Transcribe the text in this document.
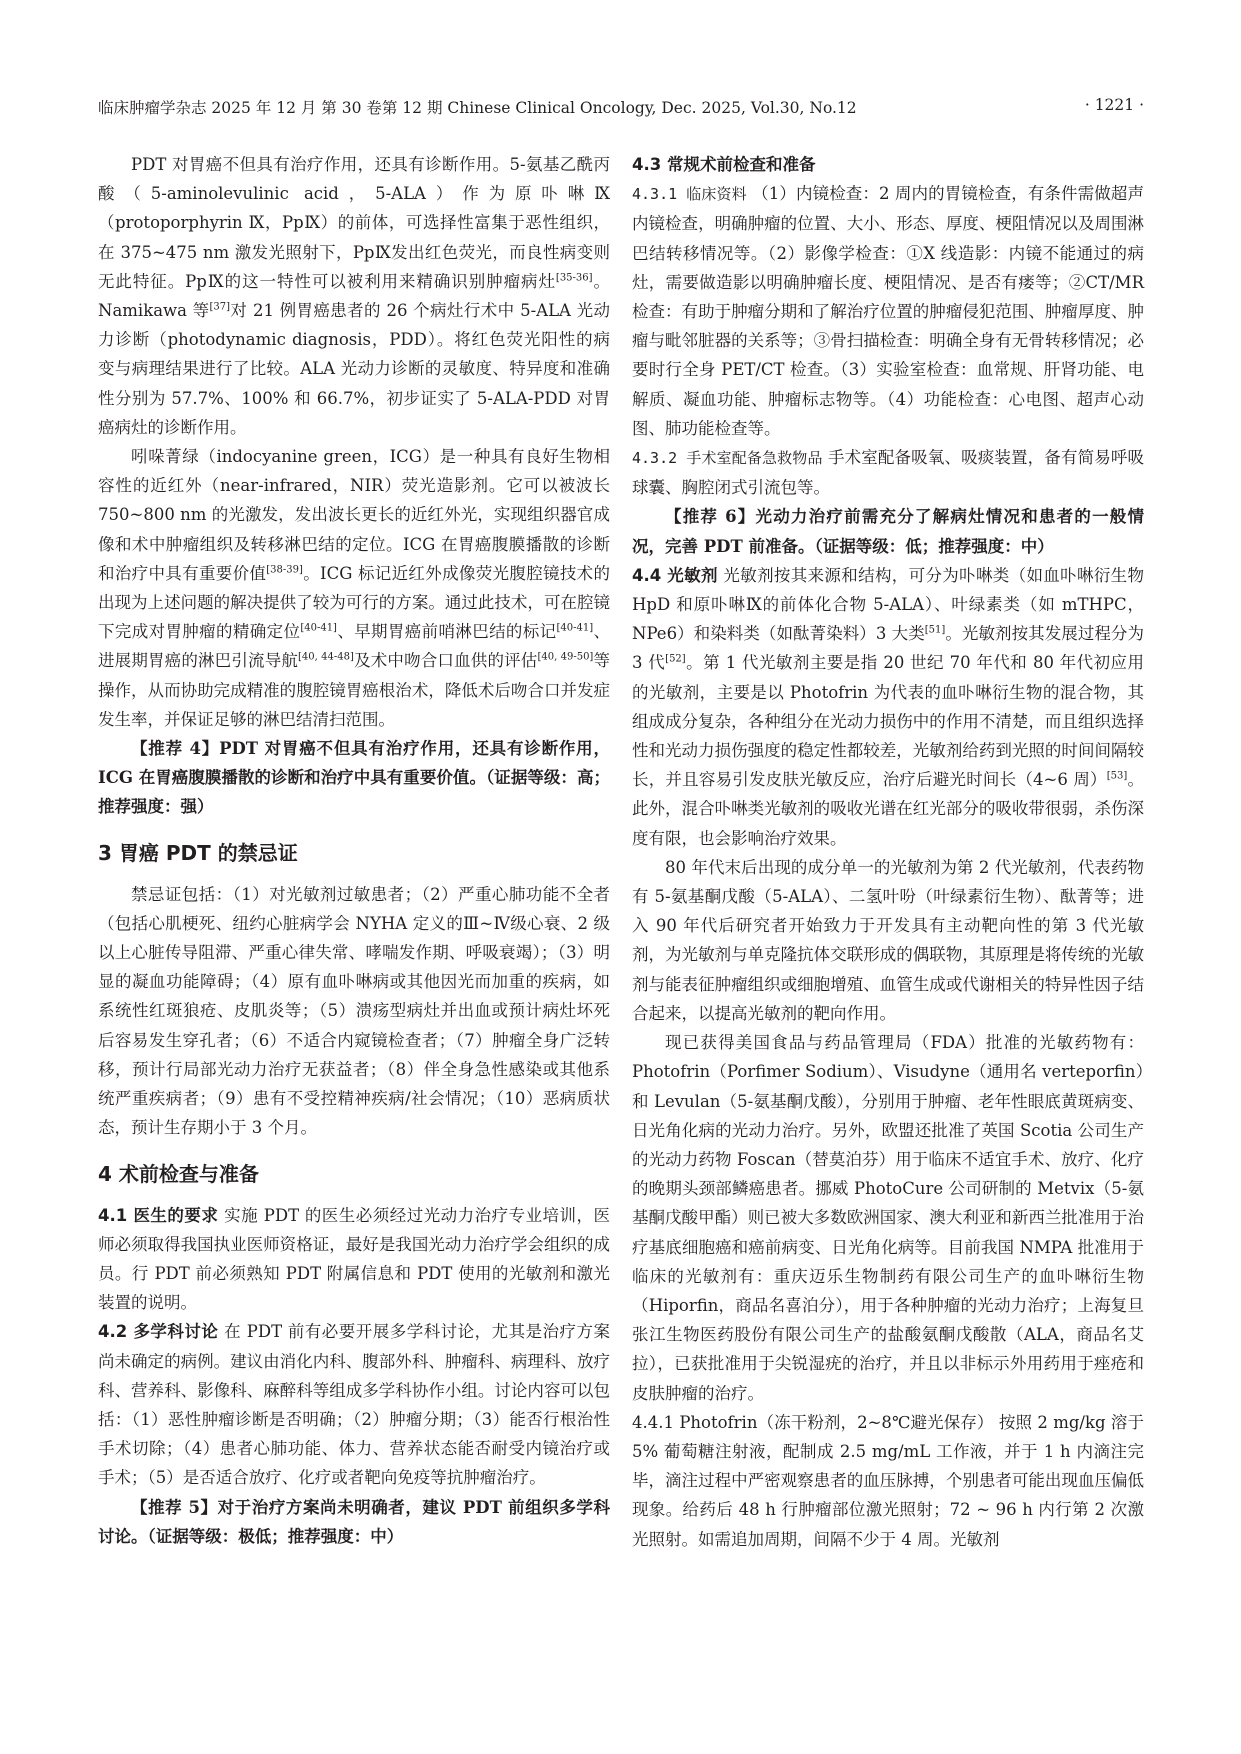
临床肿瘤学杂志 2025 年 12 月 第 30 卷第 12 期 Chinese Clinical Oncology, Dec. 2025, Vol.30, No.12	· 1221 ·

PDT 对胃癌不但具有治疗作用，还具有诊断作用。5-氨基乙酰丙酸（5-aminolevulinic acid，5-ALA）作为原卟啉Ⅸ（protoporphyrin Ⅸ，PpⅨ）的前体，可选择性富集于恶性组织，在 375~475 nm 激发光照射下，PpⅨ发出红色荧光，而良性病变则无此特征。PpⅨ的这一特性可以被利用来精确识别肿瘤病灶[35-36]。Namikawa 等[37]对 21 例胃癌患者的 26 个病灶行术中 5-ALA 光动力诊断（photodynamic diagnosis，PDD）。将红色荧光阳性的病变与病理结果进行了比较。ALA 光动力诊断的灵敏度、特异度和准确性分别为 57.7%、100% 和 66.7%，初步证实了 5-ALA-PDD 对胃癌病灶的诊断作用。

吲哚菁绿（indocyanine green，ICG）是一种具有良好生物相容性的近红外（near-infrared，NIR）荧光造影剂。它可以被波长 750~800 nm 的光激发，发出波长更长的近红外光，实现组织器官成像和术中肿瘤组织及转移淋巴结的定位。ICG 在胃癌腹膜播散的诊断和治疗中具有重要价值[38-39]。ICG 标记近红外成像荧光腹腔镜技术的出现为上述问题的解决提供了较为可行的方案。通过此技术，可在腔镜下完成对胃肿瘤的精确定位[40-41]、早期胃癌前哨淋巴结的标记[40-41]、进展期胃癌的淋巴引流导航[40, 44-48]及术中吻合口血供的评估[40, 49-50]等操作，从而协助完成精准的腹腔镜胃癌根治术，降低术后吻合口并发症发生率，并保证足够的淋巴结清扫范围。

【推荐 4】PDT 对胃癌不但具有治疗作用，还具有诊断作用，ICG 在胃癌腹膜播散的诊断和治疗中具有重要价值。（证据等级：高；推荐强度：强）

3 胃癌 PDT 的禁忌证

禁忌证包括：（1）对光敏剂过敏患者；（2）严重心肺功能不全者（包括心肌梗死、纽约心脏病学会 NYHA 定义的Ⅲ~Ⅳ级心衰、2 级以上心脏传导阻滞、严重心律失常、哮喘发作期、呼吸衰竭）；（3）明显的凝血功能障碍；（4）原有血卟啉病或其他因光而加重的疾病，如系统性红斑狼疮、皮肌炎等；（5）溃疡型病灶并出血或预计病灶坏死后容易发生穿孔者；（6）不适合内窥镜检查者；（7）肿瘤全身广泛转移，预计行局部光动力治疗无获益者；（8）伴全身急性感染或其他系统严重疾病者；（9）患有不受控精神疾病/社会情况；（10）恶病质状态，预计生存期小于 3 个月。

4 术前检查与准备

4.1 医生的要求 实施 PDT 的医生必须经过光动力治疗专业培训，医师必须取得我国执业医师资格证，最好是我国光动力治疗学会组织的成员。行 PDT 前必须熟知 PDT 附属信息和 PDT 使用的光敏剂和激光装置的说明。

4.2 多学科讨论 在 PDT 前有必要开展多学科讨论，尤其是治疗方案尚未确定的病例。建议由消化内科、腹部外科、肿瘤科、病理科、放疗科、营养科、影像科、麻醉科等组成多学科协作小组。讨论内容可以包括：（1）恶性肿瘤诊断是否明确；（2）肿瘤分期；（3）能否行根治性手术切除；（4）患者心肺功能、体力、营养状态能否耐受内镜治疗或手术；（5）是否适合放疗、化疗或者靶向免疫等抗肿瘤治疗。

【推荐 5】对于治疗方案尚未明确者，建议 PDT 前组织多学科讨论。（证据等级：极低；推荐强度：中）

4.3 常规术前检查和准备

4.3.1 临床资料 （1）内镜检查：2 周内的胃镜检查，有条件需做超声内镜检查，明确肿瘤的位置、大小、形态、厚度、梗阻情况以及周围淋巴结转移情况等。（2）影像学检查：①X 线造影：内镜不能通过的病灶，需要做造影以明确肿瘤长度、梗阻情况、是否有瘘等；②CT/MR 检查：有助于肿瘤分期和了解治疗位置的肿瘤侵犯范围、肿瘤厚度、肿瘤与毗邻脏器的关系等；③骨扫描检查：明确全身有无骨转移情况；必要时行全身 PET/CT 检查。（3）实验室检查：血常规、肝肾功能、电解质、凝血功能、肿瘤标志物等。（4）功能检查：心电图、超声心动图、肺功能检查等。

4.3.2 手术室配备急救物品 手术室配备吸氧、吸痰装置，备有简易呼吸球囊、胸腔闭式引流包等。

【推荐 6】光动力治疗前需充分了解病灶情况和患者的一般情况，完善 PDT 前准备。（证据等级：低；推荐强度：中）

4.4 光敏剂 光敏剂按其来源和结构，可分为卟啉类（如血卟啉衍生物 HpD 和原卟啉Ⅸ的前体化合物 5-ALA）、叶绿素类（如 mTHPC，NPe6）和染料类（如酞菁染料）3 大类[51]。光敏剂按其发展过程分为 3 代[52]。第 1 代光敏剂主要是指 20 世纪 70 年代和 80 年代初应用的光敏剂，主要是以 Photofrin 为代表的血卟啉衍生物的混合物，其组成成分复杂，各种组分在光动力损伤中的作用不清楚，而且组织选择性和光动力损伤强度的稳定性都较差，光敏剂给药到光照的时间间隔较长，并且容易引发皮肤光敏反应，治疗后避光时间长（4~6 周）[53]。此外，混合卟啉类光敏剂的吸收光谱在红光部分的吸收带很弱，杀伤深度有限，也会影响治疗效果。

80 年代末后出现的成分单一的光敏剂为第 2 代光敏剂，代表药物有 5-氨基酮戊酸（5-ALA）、二氢叶吩（叶绿素衍生物）、酞菁等；进入 90 年代后研究者开始致力于开发具有主动靶向性的第 3 代光敏剂，为光敏剂与单克隆抗体交联形成的偶联物，其原理是将传统的光敏剂与能表征肿瘤组织或细胞增殖、血管生成或代谢相关的特异性因子结合起来，以提高光敏剂的靶向作用。

现已获得美国食品与药品管理局（FDA）批准的光敏药物有：Photofrin（Porfimer Sodium）、Visudyne（通用名 verteporfin）和 Levulan（5-氨基酮戊酸），分别用于肿瘤、老年性眼底黄斑病变、日光角化病的光动力治疗。另外，欧盟还批准了英国 Scotia 公司生产的光动力药物 Foscan（替莫泊芬）用于临床不适宜手术、放疗、化疗的晚期头颈部鳞癌患者。挪威 PhotoCure 公司研制的 Metvix（5-氨基酮戊酸甲酯）则已被大多数欧洲国家、澳大利亚和新西兰批准用于治疗基底细胞癌和癌前病变、日光角化病等。目前我国 NMPA 批准用于临床的光敏剂有：重庆迈乐生物制药有限公司生产的血卟啉衍生物（Hiporfin，商品名喜泊分），用于各种肿瘤的光动力治疗；上海复旦张江生物医药股份有限公司生产的盐酸氨酮戊酸散（ALA，商品名艾拉），已获批准用于尖锐湿疣的治疗，并且以非标示外用药用于痤疮和皮肤肿瘤的治疗。

4.4.1 Photofrin（冻干粉剂，2~8℃避光保存） 按照 2 mg/kg 溶于 5% 葡萄糖注射液，配制成 2.5 mg/mL 工作液，并于 1 h 内滴注完毕，滴注过程中严密观察患者的血压脉搏，个别患者可能出现血压偏低现象。给药后 48 h 行肿瘤部位激光照射；72 ~ 96 h 内行第 2 次激光照射。如需追加周期，间隔不少于 4 周。光敏剂
